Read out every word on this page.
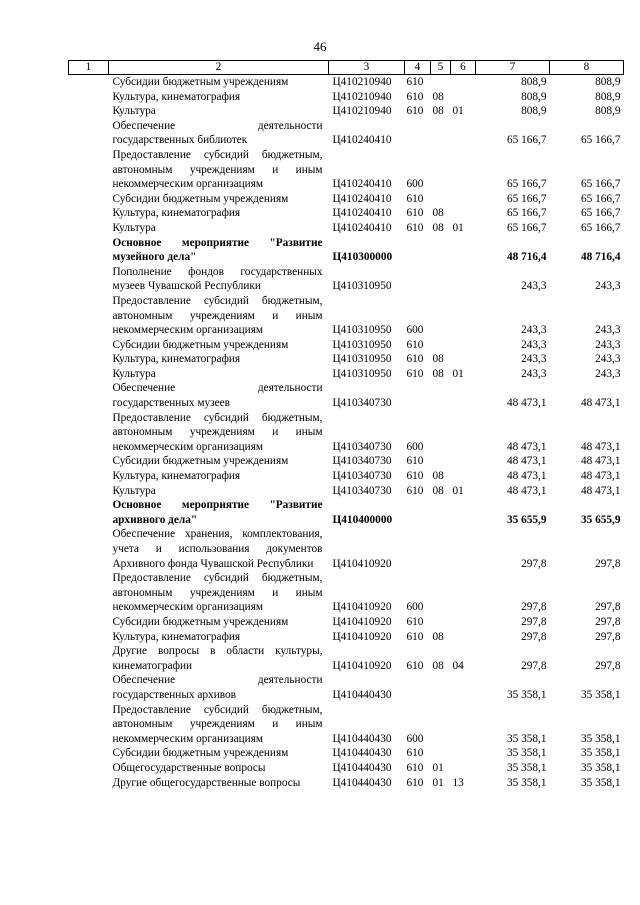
46
1	2	3	4	5	6	7	8
	Субсидии бюджетным учреждениям	Ц410210940	610			808,9	808,9
	Культура, кинематография	Ц410210940	610	08		808,9	808,9
	Культура	Ц410210940	610	08	01	808,9	808,9
	Обеспечение деятельности государственных библиотек	Ц410240410				65 166,7	65 166,7
	Предоставление субсидий бюджетным, автономным учреждениям и иным некоммерческим организациям	Ц410240410	600			65 166,7	65 166,7
	Субсидии бюджетным учреждениям	Ц410240410	610			65 166,7	65 166,7
	Культура, кинематография	Ц410240410	610	08		65 166,7	65 166,7
	Культура	Ц410240410	610	08	01	65 166,7	65 166,7
	Основное мероприятие "Развитие музейного дела"	Ц410300000				48 716,4	48 716,4
	Пополнение фондов государственных музеев Чувашской Республики	Ц410310950				243,3	243,3
	Предоставление субсидий бюджетным, автономным учреждениям и иным некоммерческим организациям	Ц410310950	600			243,3	243,3
	Субсидии бюджетным учреждениям	Ц410310950	610			243,3	243,3
	Культура, кинематография	Ц410310950	610	08		243,3	243,3
	Культура	Ц410310950	610	08	01	243,3	243,3
	Обеспечение деятельности государственных музеев	Ц410340730				48 473,1	48 473,1
	Предоставление субсидий бюджетным, автономным учреждениям и иным некоммерческим организациям	Ц410340730	600			48 473,1	48 473,1
	Субсидии бюджетным учреждениям	Ц410340730	610			48 473,1	48 473,1
	Культура, кинематография	Ц410340730	610	08		48 473,1	48 473,1
	Культура	Ц410340730	610	08	01	48 473,1	48 473,1
	Основное мероприятие "Развитие архивного дела"	Ц410400000				35 655,9	35 655,9
	Обеспечение хранения, комплектования, учета и использования документов Архивного фонда Чувашской Республики	Ц410410920				297,8	297,8
	Предоставление субсидий бюджетным, автономным учреждениям и иным некоммерческим организациям	Ц410410920	600			297,8	297,8
	Субсидии бюджетным учреждениям	Ц410410920	610			297,8	297,8
	Культура, кинематография	Ц410410920	610	08		297,8	297,8
	Другие вопросы в области культуры, кинематографии	Ц410410920	610	08	04	297,8	297,8
	Обеспечение деятельности государственных архивов	Ц410440430				35 358,1	35 358,1
	Предоставление субсидий бюджетным, автономным учреждениям и иным некоммерческим организациям	Ц410440430	600			35 358,1	35 358,1
	Субсидии бюджетным учреждениям	Ц410440430	610			35 358,1	35 358,1
	Общегосударственные вопросы	Ц410440430	610	01		35 358,1	35 358,1
	Другие общегосударственные вопросы	Ц410440430	610	01	13	35 358,1	35 358,1
